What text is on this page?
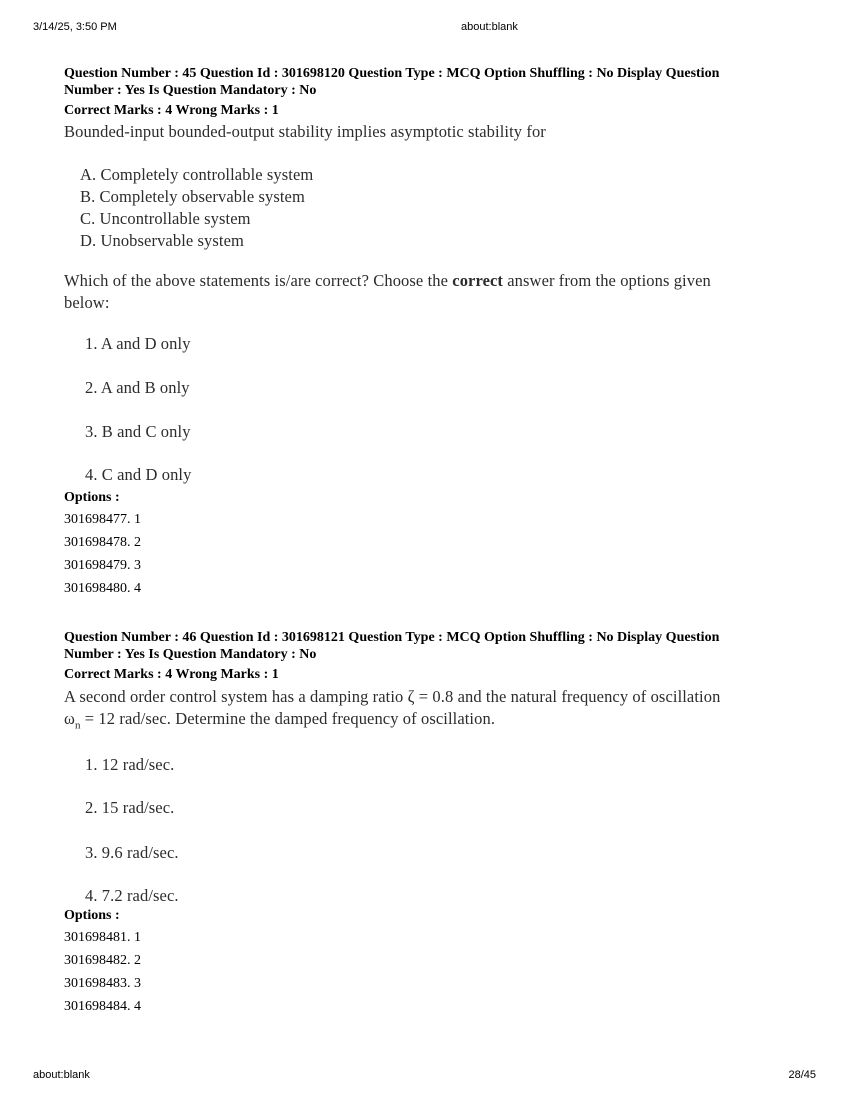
3/14/25, 3:50 PM	about:blank

Question Number : 45 Question Id : 301698120 Question Type : MCQ Option Shuffling : No Display Question

Number : Yes Is Question Mandatory : No

Correct Marks : 4 Wrong Marks : 1

Bounded-input bounded-output stability implies asymptotic stability for
A. Completely controllable system
B. Completely observable system
C. Uncontrollable system
D. Unobservable system
Which of the above statements is/are correct? Choose the correct answer from the options given
below:
1. A and D only
2. A and B only
3. B and C only
4. C and D only
Options :
301698477. 1
301698478. 2
301698479. 3
301698480. 4

Question Number : 46 Question Id : 301698121 Question Type : MCQ Option Shuffling : No Display Question

Number : Yes Is Question Mandatory : No

Correct Marks : 4 Wrong Marks : 1

A second order control system has a damping ratio ζ = 0.8 and the natural frequency of oscillation
$\omega_n = 12$ rad/sec. Determine the damped frequency of oscillation.
1. 12 rad/sec.
2. 15 rad/sec.
3. 9.6 rad/sec.
4. 7.2 rad/sec.
Options :
301698481. 1
301698482. 2
301698483. 3
301698484. 4
about:blank	28/45
